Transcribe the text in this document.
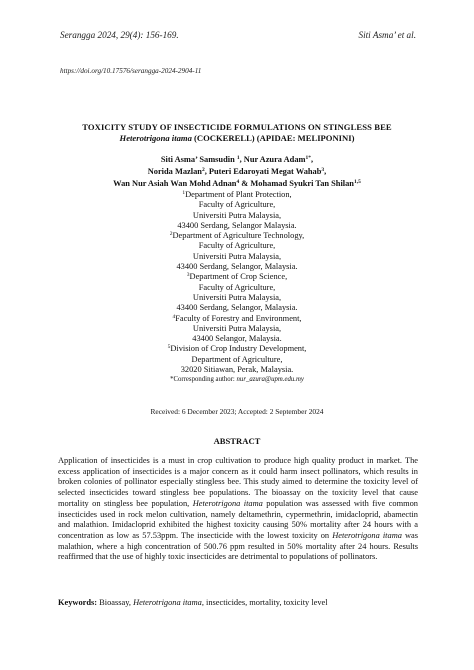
Serangga 2024, 29(4): 156-169.	Siti Asma’ et al.
https://doi.org/10.17576/serangga-2024-2904-11
TOXICITY STUDY OF INSECTICIDE FORMULATIONS ON STINGLESS BEE
Heterotrigona itama (COCKERELL) (APIDAE: MELIPONINI)
Siti Asma’ Samsudin $^1$, Nur Azura Adam$^{1*}$,
Norida Mazlan$^2$, Puteri Edaroyati Megat Wahab$^3$,
Wan Nur Asiah Wan Mohd Adnan$^4$ & Mohamad Syukri Tan Shilan$^{1,5}$
$^1$Department of Plant Protection,
Faculty of Agriculture,
Universiti Putra Malaysia,
43400 Serdang, Selangor Malaysia.
$^2$Department of Agriculture Technology,
Faculty of Agriculture,
Universiti Putra Malaysia,
43400 Serdang, Selangor, Malaysia.
$^3$Department of Crop Science,
Faculty of Agriculture,
Universiti Putra Malaysia,
43400 Serdang, Selangor, Malaysia.
$^4$Faculty of Forestry and Environment,
Universiti Putra Malaysia,
43400 Selangor, Malaysia.
$^5$Division of Crop Industry Development,
Department of Agriculture,
32020 Sitiawan, Perak, Malaysia.
*Corresponding author: nur_azura@upm.edu.my
Received: 6 December 2023; Accepted: 2 September 2024
ABSTRACT
Application of insecticides is a must in crop cultivation to produce high quality product in market. The excess application of insecticides is a major concern as it could harm insect pollinators, which results in broken colonies of pollinator especially stingless bee. This study aimed to determine the toxicity level of selected insecticides toward stingless bee populations. The bioassay on the toxicity level that cause mortality on stingless bee population, Heterotrigona itama population was assessed with five common insecticides used in rock melon cultivation, namely deltamethrin, cypermethrin, imidacloprid, abamectin and malathion. Imidacloprid exhibited the highest toxicity causing 50% mortality after 24 hours with a concentration as low as 57.53ppm. The insecticide with the lowest toxicity on Heterotrigona itama was malathion, where a high concentration of 500.76 ppm resulted in 50% mortality after 24 hours. Results reaffirmed that the use of highly toxic insecticides are detrimental to populations of pollinators.
Keywords: Bioassay, Heterotrigona itama, insecticides, mortality, toxicity level
